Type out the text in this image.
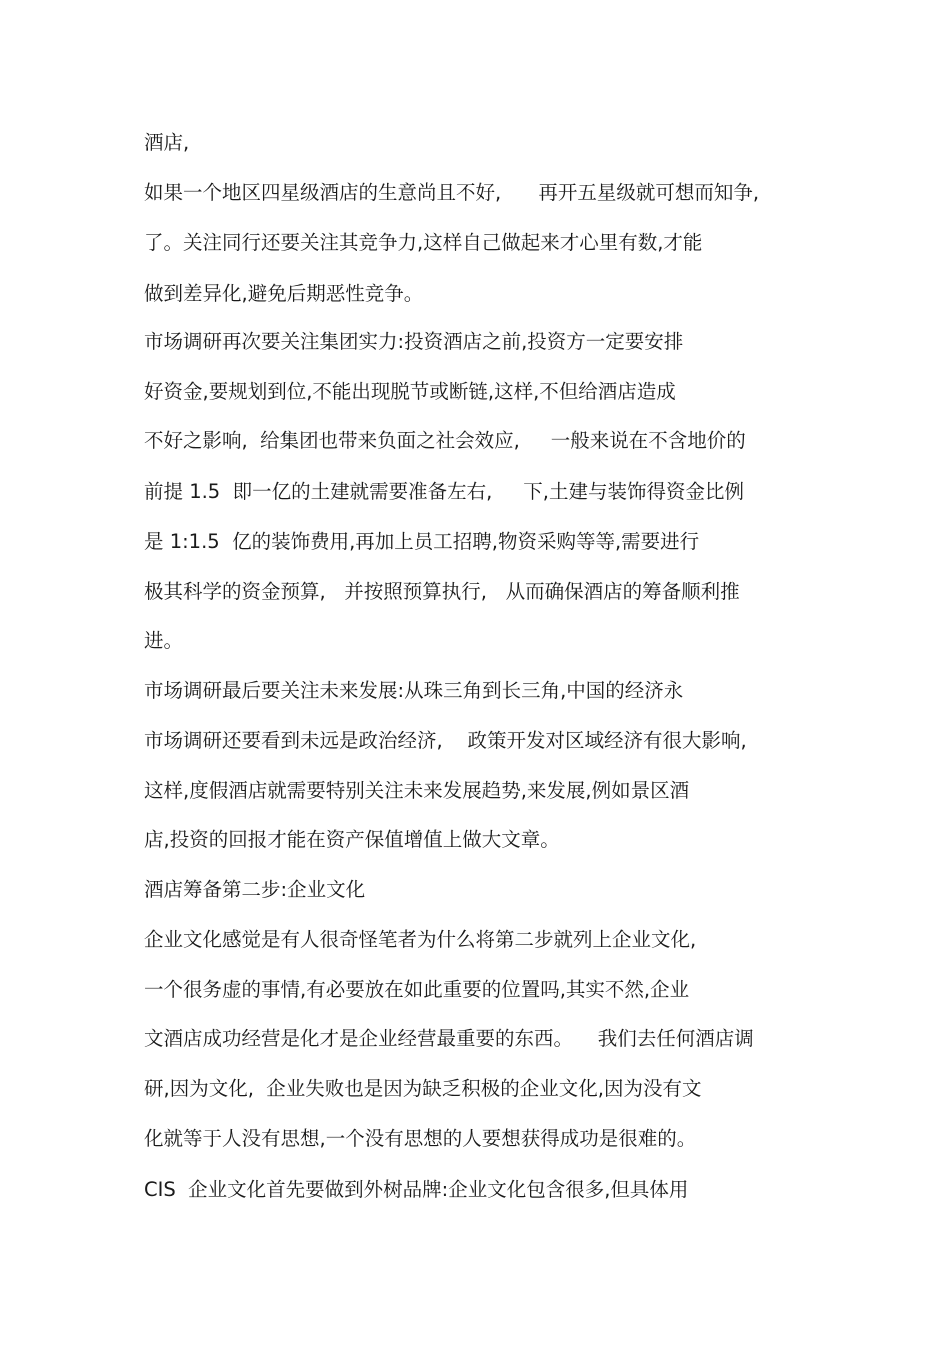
酒店,
如果一个地区四星级酒店的生意尚且不好,      再开五星级就可想而知争,
了。关注同行还要关注其竞争力,这样自己做起来才心里有数,才能
做到差异化,避免后期恶性竞争。
市场调研再次要关注集团实力:投资酒店之前,投资方一定要安排
好资金,要规划到位,不能出现脱节或断链,这样,不但给酒店造成
不好之影响,  给集团也带来负面之社会效应,     一般来说在不含地价的
前提 1.5  即一亿的土建就需要准备左右,     下,土建与装饰得资金比例
是 1:1.5  亿的装饰费用,再加上员工招聘,物资采购等等,需要进行
极其科学的资金预算,   并按照预算执行,   从而确保酒店的筹备顺利推
进。
市场调研最后要关注未来发展:从珠三角到长三角,中国的经济永
市场调研还要看到未远是政治经济,    政策开发对区域经济有很大影响,
这样,度假酒店就需要特别关注未来发展趋势,来发展,例如景区酒
店,投资的回报才能在资产保值增值上做大文章。
酒店筹备第二步:企业文化
企业文化感觉是有人很奇怪笔者为什么将第二步就列上企业文化,
一个很务虚的事情,有必要放在如此重要的位置吗,其实不然,企业
文酒店成功经营是化才是企业经营最重要的东西。    我们去任何酒店调
研,因为文化,  企业失败也是因为缺乏积极的企业文化,因为没有文
化就等于人没有思想,一个没有思想的人要想获得成功是很难的。
CIS  企业文化首先要做到外树品牌:企业文化包含很多,但具体用
